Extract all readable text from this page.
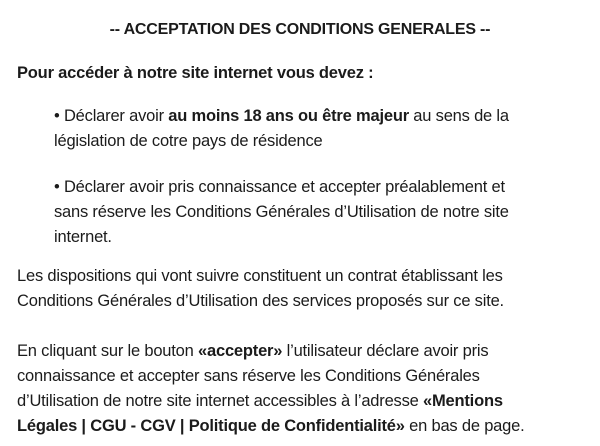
-- ACCEPTATION DES CONDITIONS GENERALES --
Pour accéder à notre site internet vous devez :
• Déclarer avoir au moins 18 ans ou être majeur au sens de la
législation de cotre pays de résidence
• Déclarer avoir pris connaissance et accepter préalablement et
sans réserve les Conditions Générales d’Utilisation de notre site
internet.
Les dispositions qui vont suivre constituent un contrat établissant les
Conditions Générales d’Utilisation des services proposés sur ce site.
En cliquant sur le bouton «accepter» l’utilisateur déclare avoir pris
connaissance et accepter sans réserve les Conditions Générales
d’Utilisation de notre site internet accessibles à l’adresse «Mentions
Légales | CGU - CGV | Politique de Confidentialité» en bas de page.
